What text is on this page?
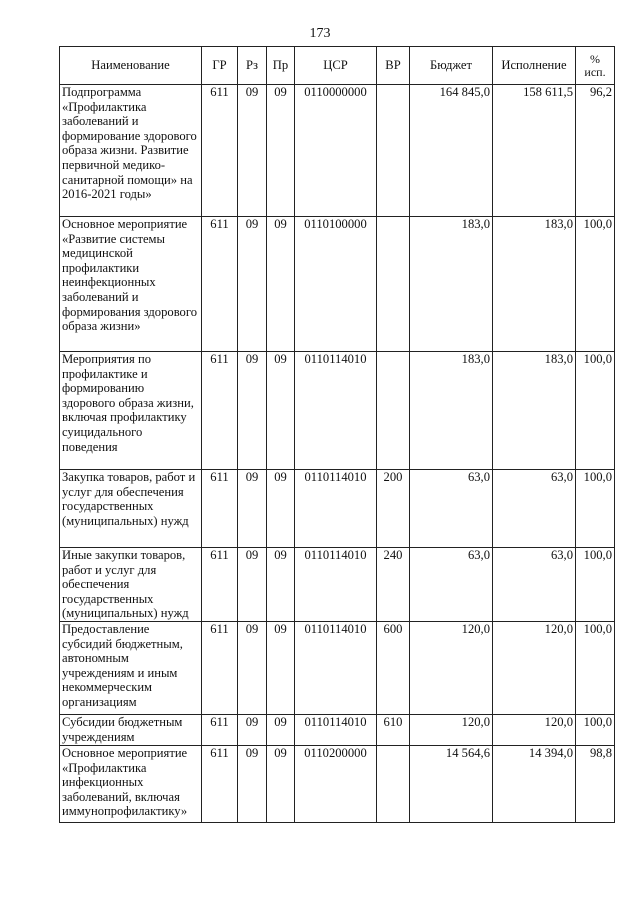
173
Наименование	ГР	Рз	Пр	ЦСР	ВР	Бюджет	Исполнение	%
исп.
Подпрограмма «Профилактика заболеваний и формирование здорового образа жизни. Развитие первичной медико-санитарной помощи» на 2016-2021 годы»	611	09	09	0110000000		164 845,0	158 611,5	96,2
Основное мероприятие «Развитие системы медицинской профилактики неинфекционных заболеваний и формирования здорового образа жизни»	611	09	09	0110100000		183,0	183,0	100,0
Мероприятия по профилактике и формированию здорового образа жизни, включая профилактику суицидального поведения	611	09	09	0110114010		183,0	183,0	100,0
Закупка товаров, работ и услуг для обеспечения государственных (муниципальных) нужд	611	09	09	0110114010	200	63,0	63,0	100,0
Иные закупки товаров, работ и услуг для обеспечения государственных (муниципальных) нужд	611	09	09	0110114010	240	63,0	63,0	100,0
Предоставление субсидий бюджетным, автономным учреждениям и иным некоммерческим организациям	611	09	09	0110114010	600	120,0	120,0	100,0
Субсидии бюджетным учреждениям	611	09	09	0110114010	610	120,0	120,0	100,0
Основное мероприятие «Профилактика инфекционных заболеваний, включая иммунопрофилактику»	611	09	09	0110200000		14 564,6	14 394,0	98,8
